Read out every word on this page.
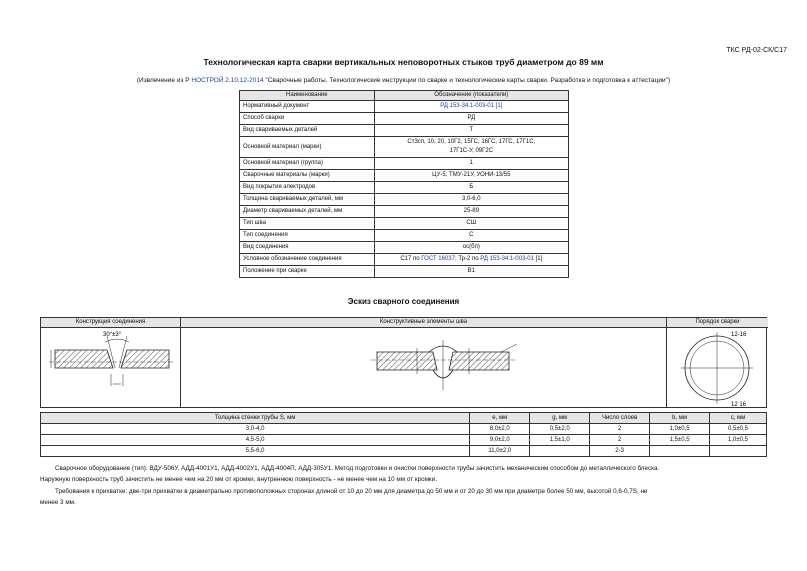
ТКС РД-02-СК/С17
Технологическая карта сварки вертикальных неповоротных стыков труб диаметром до 89 мм
(Извлечение из Р НОСТРОЙ 2.10.12-2014 "Сварочные работы. Технологические инструкции по сварке и технологические карты сварки. Разработка и подготовка к аттестации")
Наименование	Обозначение (показатели)
Нормативный документ	РД 153-34.1-003-01 [1]
Способ сварки	РД
Вид свариваемых деталей	Т
Основной материал (марки)	Ст3сп, 10, 20, 10Г2, 15ГС, 16ГС, 17ГС, 17Г1С,
17Г1С-У, 09Г2С

Основной материал (группа)	1
Сварочные материалы (марки)	ЦУ-5, ТМУ-21У, УОНИ-13/55
Вид покрытия электродов	Б
Толщина свариваемых деталей, мм	3,0-6,0
Диаметр свариваемых деталей, мм	25-89
Тип шва	СШ
Тип соединения	С
Вид соединения	ос(бп)
Условное обозначение соединения	С17 по ГОСТ 16037; Тр-2 по РД 153-34.1-003-01 [1]
Положение при сварке	В1
Эскиз сварного соединения
Конструкция соединения
30°±3°
Конструктивные элементы шва	Порядок сварки
12-16
12 16
Толщина стенки трубы S, мм	e, мм	g, мм	Число слоев	b, мм	c, мм
3,0-4,0	8,0±2,0	0,5±2,0	2	1,0±0,5	0,5±0,5
4,5-5,0	9,0±2,0	1,5±1,0	2	1,5±0,5	1,0±0,5
5,5-6,0	11,0±2,0		2-3		
Сварочное оборудование (тип): ВДУ-506У, АДД-4001У1, АДД-4002У1, АДД-4004П, АДД-305У1. Метод подготовки и очистки поверхности трубы зачистить механическим способом до металлического блеска.
Наружную поверхность труб зачистить не менее чем на 20 мм от кромки, внутреннюю поверхность - не менее чем на 10 мм от кромки.
Требования к прихватке: две-три прихватки в диаметрально противоположных сторонах длиной от 10 до 20 мм для диаметра до 50 мм и от 20 до 30 мм при диаметре более 50 мм, высотой 0,6-0,7S, не
менее 3 мм.
